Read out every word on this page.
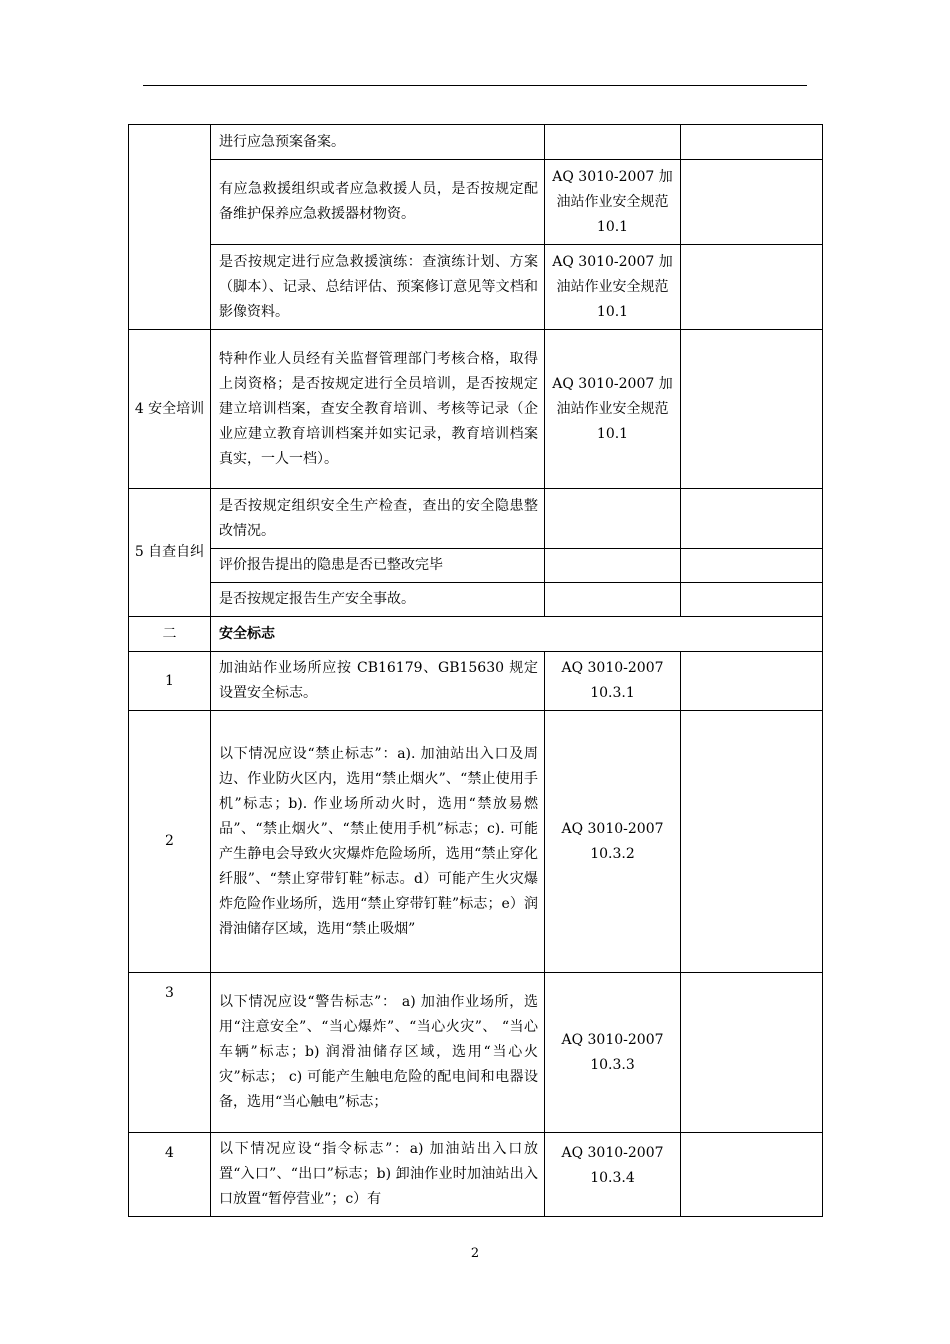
	进行应急预案备案。		
	有应急救援组织或者应急救援人员，是否按规定配备维护保养应急救援器材物资。	AQ 3010-2007 加油站作业安全规范 10.1	
	是否按规定进行应急救援演练：查演练计划、方案（脚本）、记录、总结评估、预案修订意见等文档和影像资料。	AQ 3010-2007 加油站作业安全规范 10.1	
4 安全培训	特种作业人员经有关监督管理部门考核合格，取得上岗资格；是否按规定进行全员培训，是否按规定建立培训档案，查安全教育培训、考核等记录（企业应建立教育培训档案并如实记录，教育培训档案真实，一人一档）。	AQ 3010-2007 加油站作业安全规范 10.1	
5 自查自纠	是否按规定组织安全生产检查，查出的安全隐患整改情况。		
	评价报告提出的隐患是否已整改完毕		
	是否按规定报告生产安全事故。		
二	安全标志		
1	加油站作业场所应按 CB16179、GB15630 规定设置安全标志。	AQ 3010-2007 10.3.1	
2	以下情况应设“禁止标志”：a). 加油站出入口及周边、作业防火区内，选用“禁止烟火”、“禁止使用手机”标志；b). 作业场所动火时，选用“禁放易燃品”、“禁止烟火”、“禁止使用手机”标志；c). 可能产生静电会导致火灾爆炸危险场所，选用“禁止穿化纤服”、“禁止穿带钉鞋”标志。d）可能产生火灾爆炸危险作业场所，选用“禁止穿带钉鞋”标志；e）润滑油储存区域，选用“禁止吸烟”	AQ 3010-2007 10.3.2	
3	以下情况应设“警告标志”： a) 加油作业场所，选用“注意安全”、“当心爆炸”、“当心火灾”、 “当心车辆”标志；b) 润滑油储存区域，选用“当心火灾”标志； c) 可能产生触电危险的配电间和电器设备，选用“当心触电”标志；	AQ 3010-2007 10.3.3	
4	以下情况应设“指令标志”：a) 加油站出入口放置“入口”、“出口”标志；b) 卸油作业时加油站出入口放置“暂停营业”；c）有	AQ 3010-2007 10.3.4	
2
